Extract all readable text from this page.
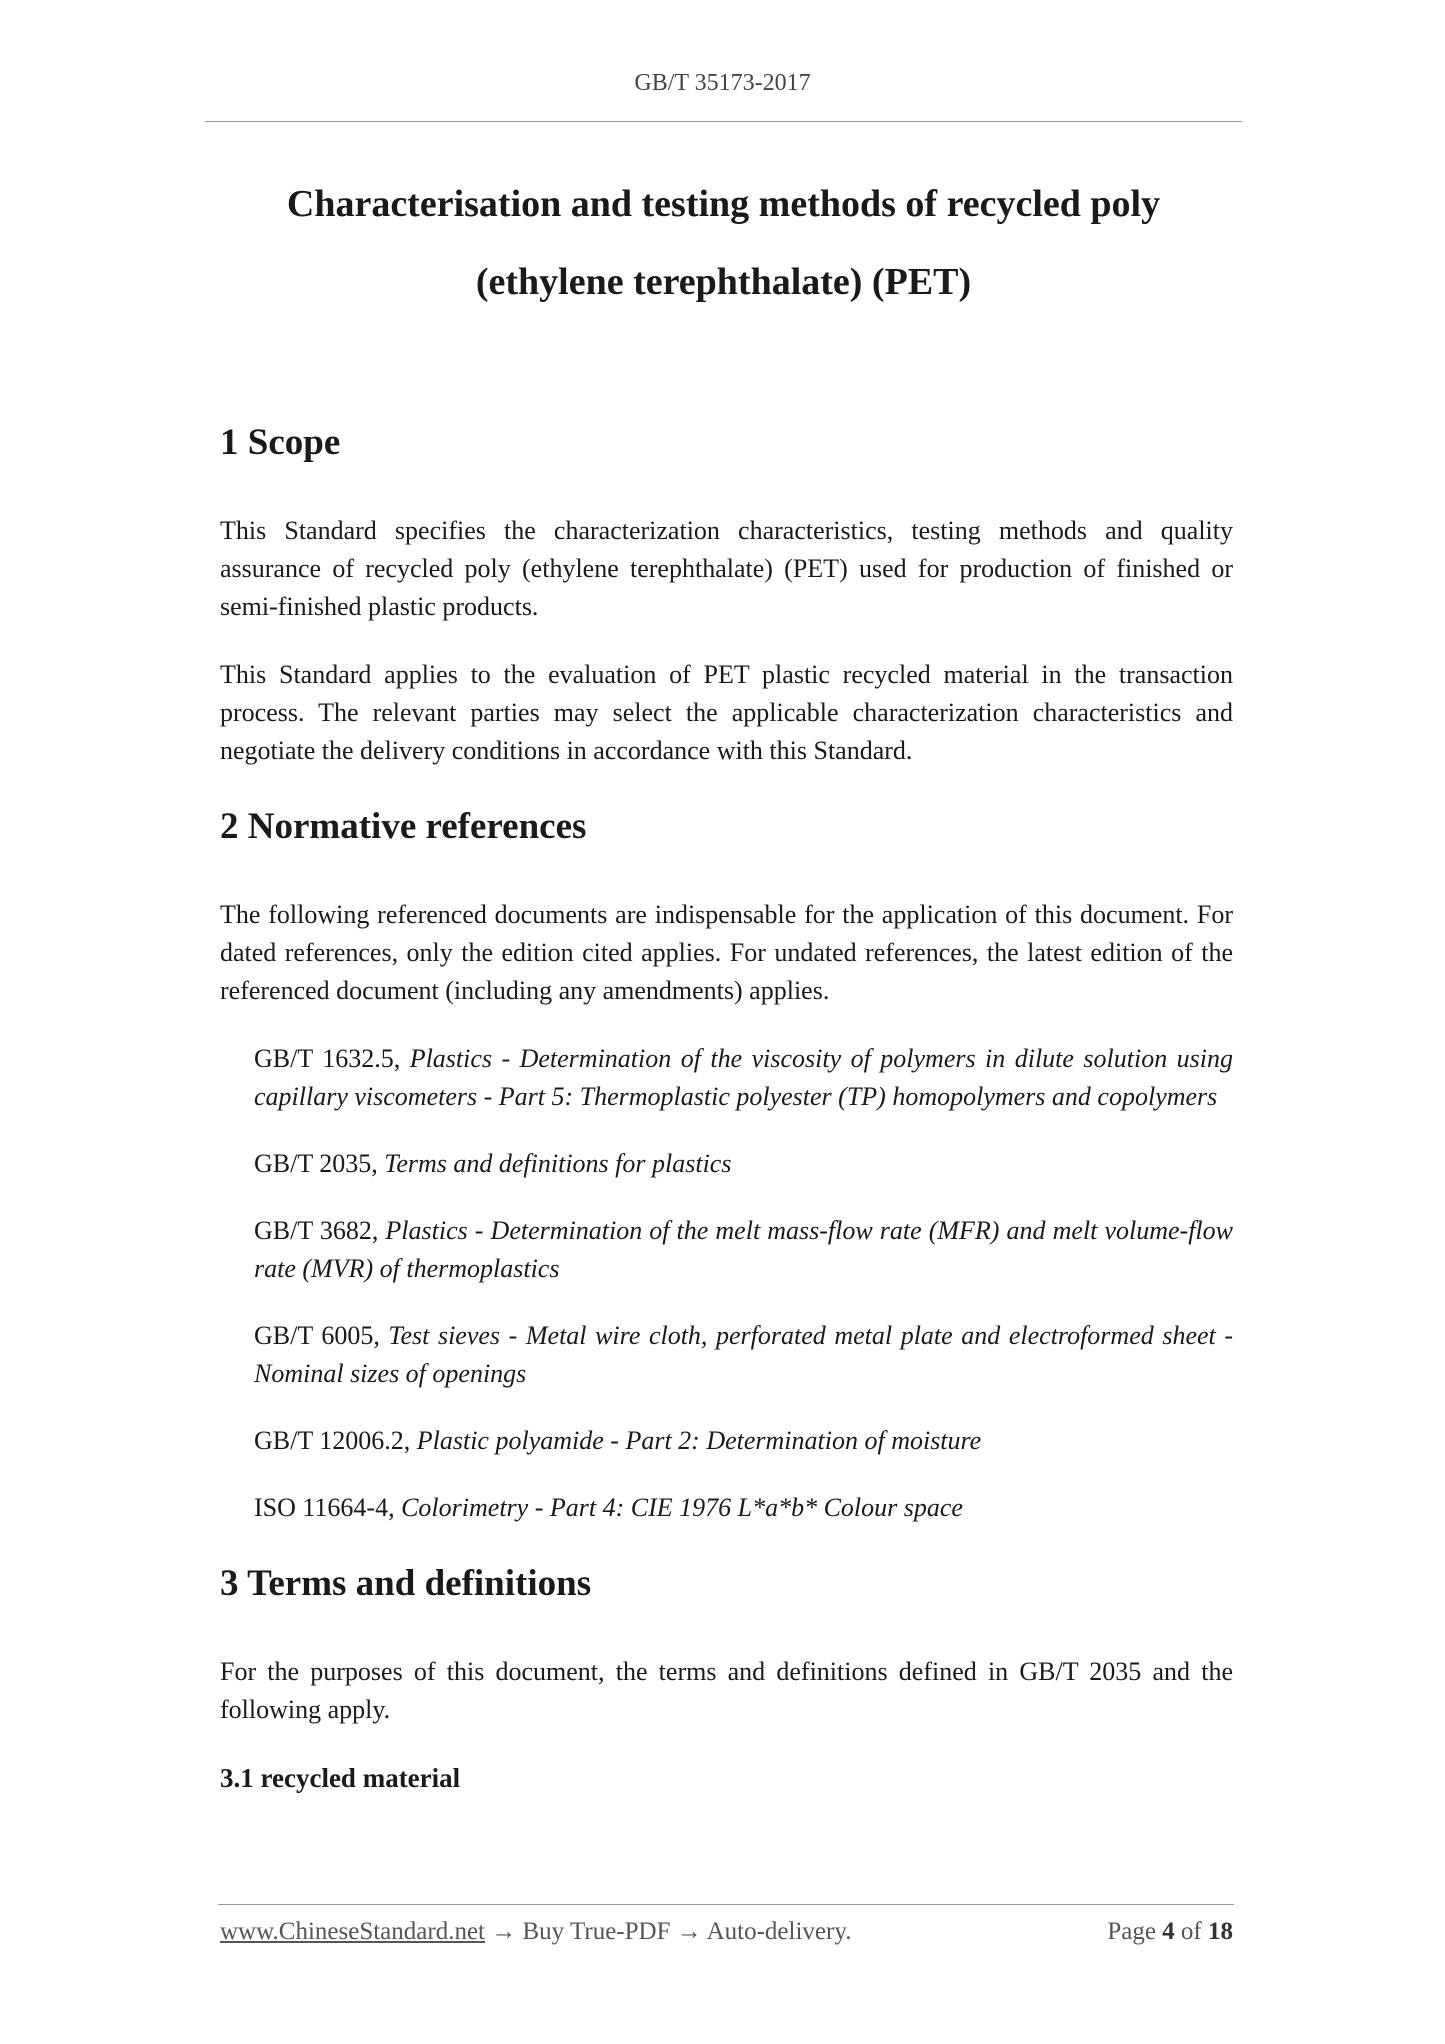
GB/T 35173-2017
Characterisation and testing methods of recycled poly
(ethylene terephthalate) (PET)
1 Scope

This Standard specifies the characterization characteristics, testing methods and quality assurance of recycled poly (ethylene terephthalate) (PET) used for production of finished or semi-finished plastic products.

This Standard applies to the evaluation of PET plastic recycled material in the transaction process. The relevant parties may select the applicable characterization characteristics and negotiate the delivery conditions in accordance with this Standard.

2 Normative references

The following referenced documents are indispensable for the application of this document. For dated references, only the edition cited applies. For undated references, the latest edition of the referenced document (including any amendments) applies.

GB/T 1632.5, Plastics - Determination of the viscosity of polymers in dilute solution using capillary viscometers - Part 5: Thermoplastic polyester (TP) homopolymers and copolymers
GB/T 2035, Terms and definitions for plastics
GB/T 3682, Plastics - Determination of the melt mass-flow rate (MFR) and melt volume-flow rate (MVR) of thermoplastics
GB/T 6005, Test sieves - Metal wire cloth, perforated metal plate and electroformed sheet - Nominal sizes of openings
GB/T 12006.2, Plastic polyamide - Part 2: Determination of moisture
ISO 11664-4, Colorimetry - Part 4: CIE 1976 L*a*b* Colour space
3 Terms and definitions

For the purposes of this document, the terms and definitions defined in GB/T 2035 and the following apply.

3.1 recycled material
www.ChineseStandard.net → Buy True-PDF → Auto-delivery.	Page 4 of 18
